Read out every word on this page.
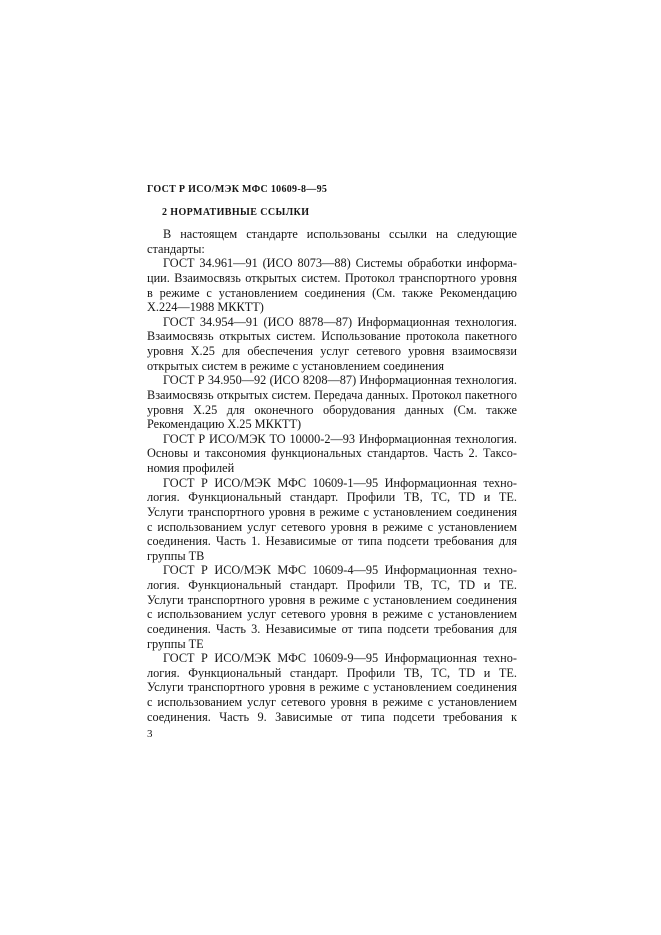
ГОСТ Р ИСО/МЭК МФС 10609-8—95
2 НОРМАТИВНЫЕ ССЫЛКИ
В настоящем стандарте использованы ссылки на следующие
стандарты:
ГОСТ 34.961—91 (ИСО 8073—88) Системы обработки информа-
ции. Взаимосвязь открытых систем. Протокол транспортного уровня
в режиме с установлением соединения (См. также Рекомендацию
Х.224—1988 МККТТ)
ГОСТ 34.954—91 (ИСО 8878—87) Информационная технология.
Взаимосвязь открытых систем. Использование протокола пакетного
уровня Х.25 для обеспечения услуг сетевого уровня взаимосвязи
открытых систем в режиме с установлением соединения
ГОСТ Р 34.950—92 (ИСО 8208—87) Информационная технология.
Взаимосвязь открытых систем. Передача данных. Протокол пакетного
уровня Х.25 для оконечного оборудования данных (См. также
Рекомендацию Х.25 МККТТ)
ГОСТ Р ИСО/МЭК ТО 10000-2—93 Информационная технология.
Основы и таксономия функциональных стандартов. Часть 2. Таксо-
номия профилей
ГОСТ Р ИСО/МЭК МФС 10609-1—95 Информационная техно-
логия. Функциональный стандарт. Профили ТВ, ТС, TD и ТЕ.
Услуги транспортного уровня в режиме с установлением соединения
с использованием услуг сетевого уровня в режиме с установлением
соединения. Часть 1. Независимые от типа подсети требования для
группы ТВ
ГОСТ Р ИСО/МЭК МФС 10609-4—95 Информационная техно-
логия. Функциональный стандарт. Профили ТВ, ТС, TD и ТЕ.
Услуги транспортного уровня в режиме с установлением соединения
с использованием услуг сетевого уровня в режиме с установлением
соединения. Часть 3. Независимые от типа подсети требования для
группы ТЕ
ГОСТ Р ИСО/МЭК МФС 10609-9—95 Информационная техно-
логия. Функциональный стандарт. Профили ТВ, ТС, TD и ТЕ.
Услуги транспортного уровня в режиме с установлением соединения
с использованием услуг сетевого уровня в режиме с установлением
соединения. Часть 9. Зависимые от типа подсети требования к
3
